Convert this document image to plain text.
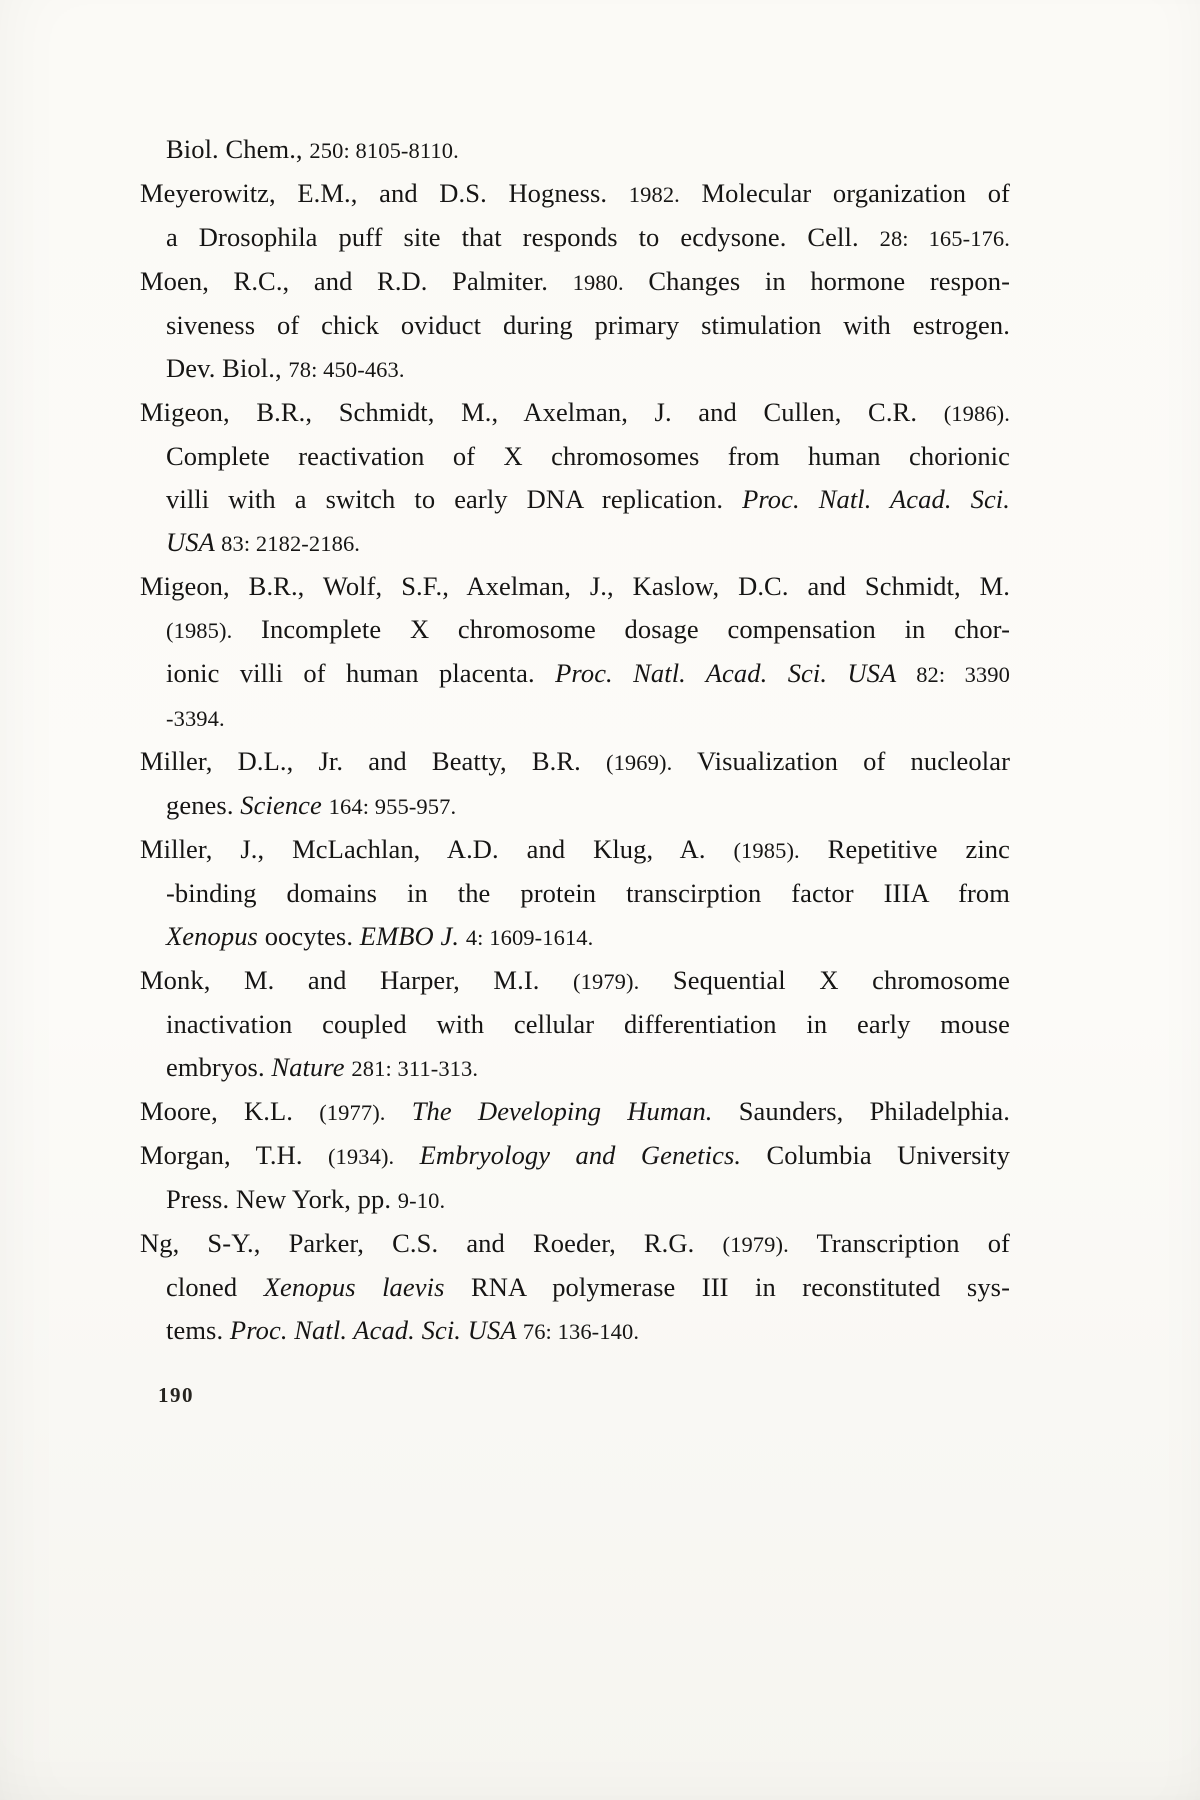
Biol. Chem., 250: 8105-8110.
Meyerowitz, E.M., and D.S. Hogness. 1982. Molecular organization of
a Drosophila puff site that responds to ecdysone. Cell. 28: 165-176.
Moen, R.C., and R.D. Palmiter. 1980. Changes in hormone respon-
siveness of chick oviduct during primary stimulation with estrogen.
Dev. Biol., 78: 450-463.
Migeon, B.R., Schmidt, M., Axelman, J. and Cullen, C.R. (1986).
Complete reactivation of X chromosomes from human chorionic
villi with a switch to early DNA replication. Proc. Natl. Acad. Sci.
USA 83: 2182-2186.
Migeon, B.R., Wolf, S.F., Axelman, J., Kaslow, D.C. and Schmidt, M.
(1985). Incomplete X chromosome dosage compensation in chor-
ionic villi of human placenta. Proc. Natl. Acad. Sci. USA 82: 3390
-3394.
Miller, D.L., Jr. and Beatty, B.R. (1969). Visualization of nucleolar
genes. Science 164: 955-957.
Miller, J., McLachlan, A.D. and Klug, A. (1985). Repetitive zinc
-binding domains in the protein transcirption factor IIIA from
Xenopus oocytes. EMBO J. 4: 1609-1614.
Monk, M. and Harper, M.I. (1979). Sequential X chromosome
inactivation coupled with cellular differentiation in early mouse
embryos. Nature 281: 311-313.
Moore, K.L. (1977). The Developing Human. Saunders, Philadelphia.
Morgan, T.H. (1934). Embryology and Genetics. Columbia University
Press. New York, pp. 9-10.
Ng, S-Y., Parker, C.S. and Roeder, R.G. (1979). Transcription of
cloned Xenopus laevis RNA polymerase III in reconstituted sys-
tems. Proc. Natl. Acad. Sci. USA 76: 136-140.
190
